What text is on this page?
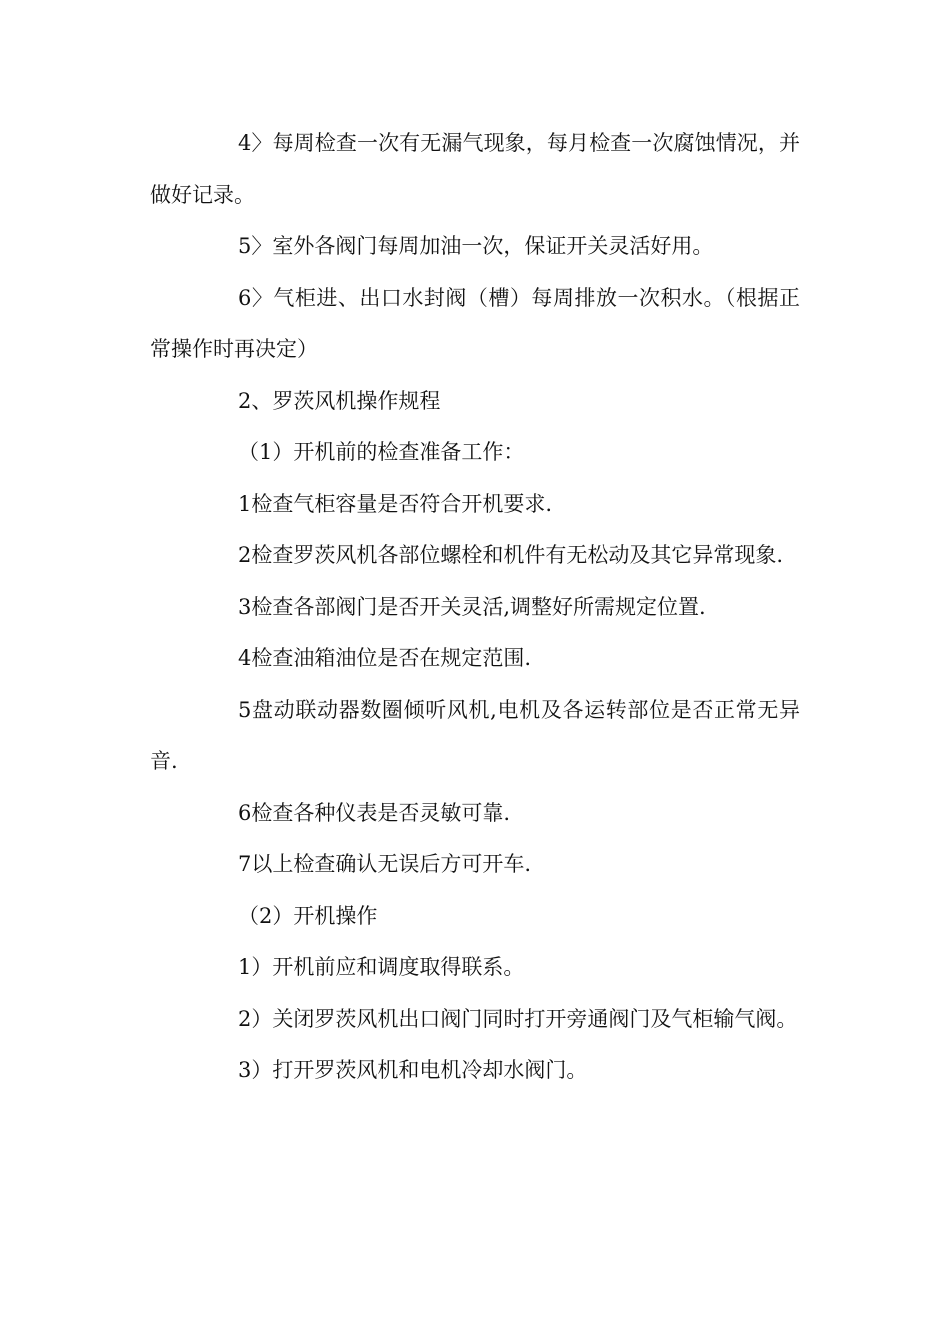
4〉每周检查一次有无漏气现象，每月检查一次腐蚀情况，并做好记录。

5〉室外各阀门每周加油一次，保证开关灵活好用。

6〉气柜进、出口水封阀（槽）每周排放一次积水。（根据正常操作时再决定）

2、罗茨风机操作规程

（1）开机前的检查准备工作：

1检查气柜容量是否符合开机要求.

2检查罗茨风机各部位螺栓和机件有无松动及其它异常现象.

3检查各部阀门是否开关灵活,调整好所需规定位置.

4检查油箱油位是否在规定范围.

5盘动联动器数圈倾听风机,电机及各运转部位是否正常无异音.

6检查各种仪表是否灵敏可靠.

7以上检查确认无误后方可开车.

（2）开机操作

1）开机前应和调度取得联系。

2）关闭罗茨风机出口阀门同时打开旁通阀门及气柜输气阀。

3）打开罗茨风机和电机冷却水阀门。
